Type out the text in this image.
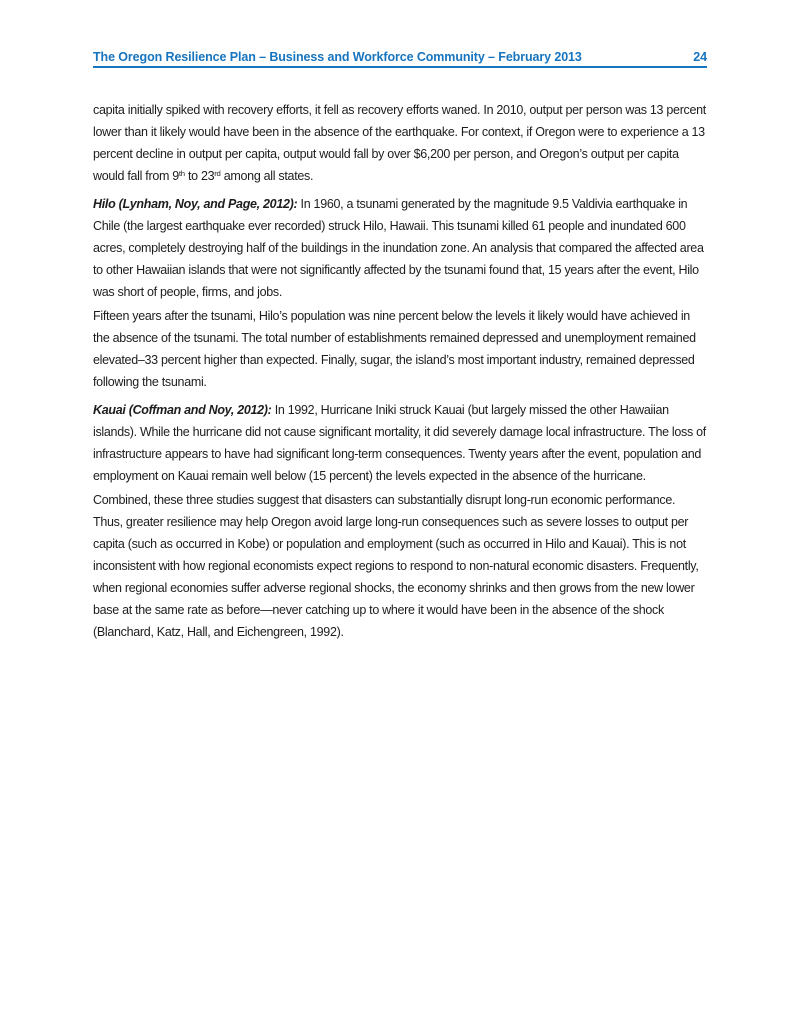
The Oregon Resilience Plan – Business and Workforce Community – February 2013	24

capita initially spiked with recovery efforts, it fell as recovery efforts waned. In 2010, output per person was 13 percent lower than it likely would have been in the absence of the earthquake. For context, if Oregon were to experience a 13 percent decline in output per capita, output would fall by over $6,200 per person, and Oregon’s output per capita would fall from 9th to 23rd among all states.

Hilo (Lynham, Noy, and Page, 2012): In 1960, a tsunami generated by the magnitude 9.5 Valdivia earthquake in Chile (the largest earthquake ever recorded) struck Hilo, Hawaii. This tsunami killed 61 people and inundated 600 acres, completely destroying half of the buildings in the inundation zone. An analysis that compared the affected area to other Hawaiian islands that were not significantly affected by the tsunami found that, 15 years after the event, Hilo was short of people, firms, and jobs.

Fifteen years after the tsunami, Hilo’s population was nine percent below the levels it likely would have achieved in the absence of the tsunami. The total number of establishments remained depressed and unemployment remained elevated–33 percent higher than expected. Finally, sugar, the island’s most important industry, remained depressed following the tsunami.

Kauai (Coffman and Noy, 2012): In 1992, Hurricane Iniki struck Kauai (but largely missed the other Hawaiian islands). While the hurricane did not cause significant mortality, it did severely damage local infrastructure. The loss of infrastructure appears to have had significant long-term consequences. Twenty years after the event, population and employment on Kauai remain well below (15 percent) the levels expected in the absence of the hurricane.

Combined, these three studies suggest that disasters can substantially disrupt long-run economic performance. Thus, greater resilience may help Oregon avoid large long-run consequences such as severe losses to output per capita (such as occurred in Kobe) or population and employment (such as occurred in Hilo and Kauai). This is not inconsistent with how regional economists expect regions to respond to non-natural economic disasters. Frequently, when regional economies suffer adverse regional shocks, the economy shrinks and then grows from the new lower base at the same rate as before—never catching up to where it would have been in the absence of the shock (Blanchard, Katz, Hall, and Eichengreen, 1992).
